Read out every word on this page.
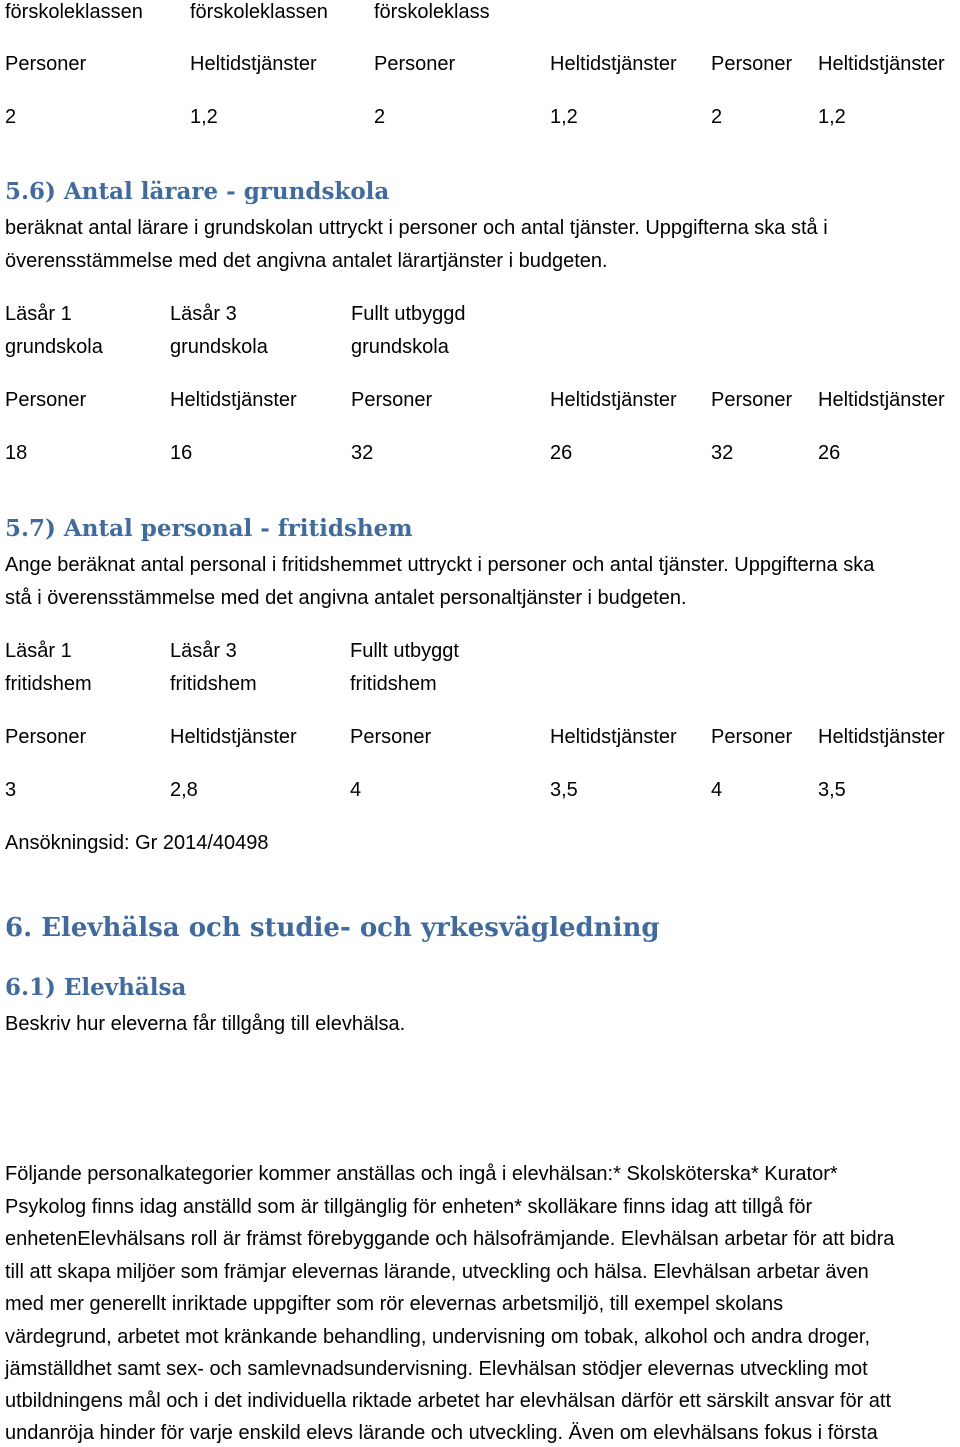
förskoleklassen förskoleklassen förskoleklass
Personer	Heltidstjänster	Personer	Heltidstjänster Personer Heltidstjänster
2	1,2	2	1,2	2	1,2
5.6) Antal lärare - grundskola
beräknat antal lärare i grundskolan uttryckt i personer och antal tjänster. Uppgifterna ska stå i
överensstämmelse med det angivna antalet lärartjänster i budgeten.
Läsår 1	Läsår 3	Fullt utbyggd
grundskola	grundskola	grundskola
Personer	Heltidstjänster	Personer	Heltidstjänster Personer Heltidstjänster
18	16	32	26	32	26
5.7) Antal personal - fritidshem
Ange beräknat antal personal i fritidshemmet uttryckt i personer och antal tjänster. Uppgifterna ska
stå i överensstämmelse med det angivna antalet personaltjänster i budgeten.
Läsår 1	Läsår 3	Fullt utbyggt
fritidshem	fritidshem	fritidshem
Personer	Heltidstjänster	Personer	Heltidstjänster Personer Heltidstjänster
3	2,8	4	3,5	4	3,5
Ansökningsid: Gr 2014/40498
6. Elevhälsa och studie- och yrkesvägledning
6.1) Elevhälsa
Beskriv hur eleverna får tillgång till elevhälsa.
Följande personalkategorier kommer anställas och ingå i elevhälsan:* Skolsköterska* Kurator*
Psykolog finns idag anställd som är tillgänglig för enheten* skolläkare finns idag att tillgå för
enhetenElevhälsans roll är främst förebyggande och hälsofrämjande. Elevhälsan arbetar för att bidra
till att skapa miljöer som främjar elevernas lärande, utveckling och hälsa. Elevhälsan arbetar även
med mer generellt inriktade uppgifter som rör elevernas arbetsmiljö, till exempel skolans
värdegrund, arbetet mot kränkande behandling, undervisning om tobak, alkohol och andra droger,
jämställdhet samt sex- och samlevnadsundervisning. Elevhälsan stödjer elevernas utveckling mot
utbildningens mål och i det individuella riktade arbetet har elevhälsan därför ett särskilt ansvar för att
undanröja hinder för varje enskild elevs lärande och utveckling. Även om elevhälsans fokus i första
